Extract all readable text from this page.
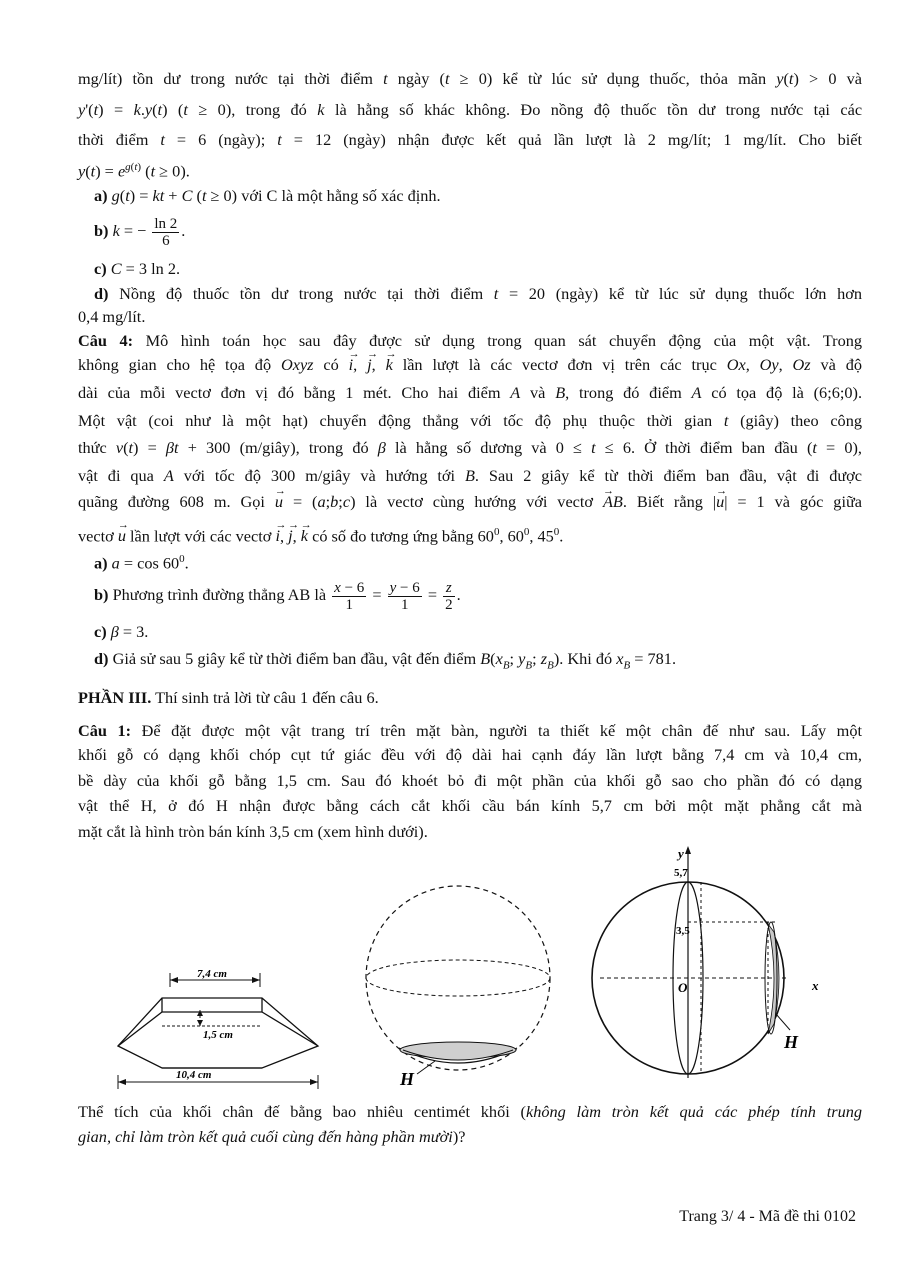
mg/lít) tồn dư trong nước tại thời điểm t ngày (t ≥ 0) kể từ lúc sử dụng thuốc, thỏa mãn y(t) > 0 và
y'(t) = k.y(t) (t ≥ 0), trong đó k là hằng số khác không. Đo nồng độ thuốc tồn dư trong nước tại các
thời điểm t = 6 (ngày); t = 12 (ngày) nhận được kết quả lần lượt là 2 mg/lít; 1 mg/lít. Cho biết
$y(t) = e^{g(t)}$ (t ≥ 0).
a) g(t) = kt + C (t ≥ 0) với C là một hằng số xác định.
b) k = − $\frac{\ln 2}{6}$ .
c) C = 3 ln 2.
d) Nồng độ thuốc tồn dư trong nước tại thời điểm t = 20 (ngày) kể từ lúc sử dụng thuốc lớn hơn
0,4 mg/lít.
Câu 4: Mô hình toán học sau đây được sử dụng trong quan sát chuyển động của một vật. Trong
không gian cho hệ tọa độ Oxyz có → i, → j, → k lần lượt là các vectơ đơn vị trên các trục Ox, Oy, Oz và độ
dài của mỗi vectơ đơn vị đó bằng 1 mét. Cho hai điểm A và B, trong đó điểm A có tọa độ là (6;6;0).
Một vật (coi như là một hạt) chuyển động thẳng với tốc độ phụ thuộc thời gian t (giây) theo công
thức v(t) = βt + 300 (m/giây), trong đó β là hằng số dương và 0 ≤ t ≤ 6. Ở thời điểm ban đầu (t = 0),
vật đi qua A với tốc độ 300 m/giây và hướng tới B. Sau 2 giây kể từ thời điểm ban đầu, vật đi được
quãng đường 608 m. Gọi → u = (a;b;c) là vectơ cùng hướng với vectơ → AB. Biết rằng |→ u| = 1 và góc giữa
vectơ → u lần lượt với các vectơ → i, → j, → k có số đo tương ứng bằng $60^0$, $60^0$, $45^0$.
a) $a = \cos 60^0$.
b) Phương trình đường thẳng AB là $\frac{x - 6}{1} = \frac{y - 6}{1} = \frac{z}{2}$ .
c) β = 3.
d) Giả sử sau 5 giây kể từ thời điểm ban đầu, vật đến điểm $B(x_B$; $y_B$; $z_B$). Khi đó $x_B = 781$.
PHẦN III. Thí sinh trả lời từ câu 1 đến câu 6.
Câu 1: Để đặt được một vật trang trí trên mặt bàn, người ta thiết kế một chân đế như sau. Lấy một
khối gỗ có dạng khối chóp cụt tứ giác đều với độ dài hai cạnh đáy lần lượt bằng 7,4 cm và 10,4 cm,
bề dày của khối gỗ bằng 1,5 cm. Sau đó khoét bỏ đi một phần của khối gỗ sao cho phần đó có dạng
vật thể H, ở đó H nhận được bằng cách cắt khối cầu bán kính 5,7 cm bởi một mặt phẳng cắt mà
mặt cắt là hình tròn bán kính 3,5 cm (xem hình dưới).
7,4 cm
1,5 cm
10,4 cm	H
y
5,7
x
O
3,5
H
Thể tích của khối chân đế bằng bao nhiêu centimét khối (không làm tròn kết quả các phép tính trung
gian, chỉ làm tròn kết quả cuối cùng đến hàng phần mười)?
Trang 3/ 4 - Mã đề thi 0102
